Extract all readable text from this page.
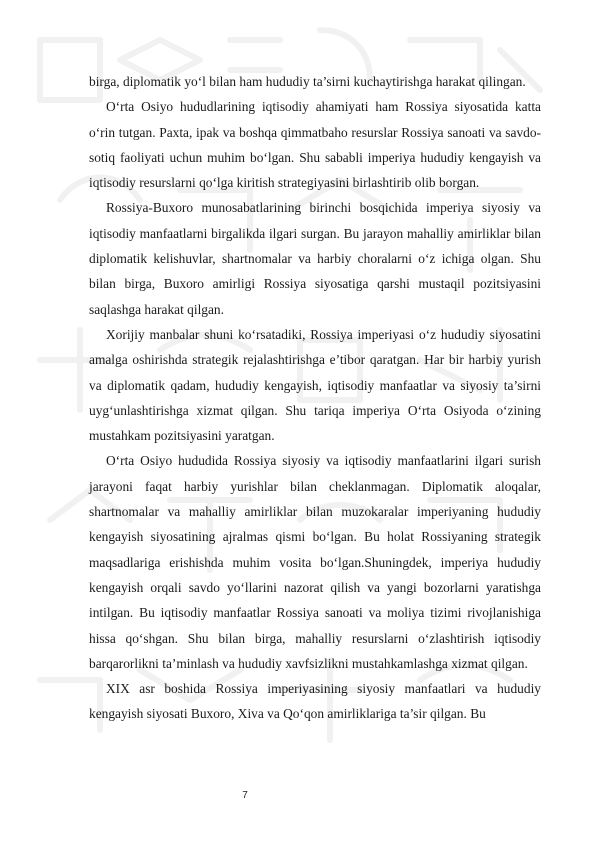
birga, diplomatik yo‘l bilan ham hududiy ta’sirni kuchaytirishga harakat qilingan.

O‘rta Osiyo hududlarining iqtisodiy ahamiyati ham Rossiya siyosatida katta o‘rin tutgan. Paxta, ipak va boshqa qimmatbaho resurslar Rossiya sanoati va savdo-sotiq faoliyati uchun muhim bo‘lgan. Shu sababli imperiya hududiy kengayish va iqtisodiy resurslarni qo‘lga kiritish strategiyasini birlashtirib olib borgan.

Rossiya-Buxoro munosabatlarining birinchi bosqichida imperiya siyosiy va iqtisodiy manfaatlarni birgalikda ilgari surgan. Bu jarayon mahalliy amirliklar bilan diplomatik kelishuvlar, shartnomalar va harbiy choralarni o‘z ichiga olgan. Shu bilan birga, Buxoro amirligi Rossiya siyosatiga qarshi mustaqil pozitsiyasini saqlashga harakat qilgan.

Xorijiy manbalar shuni ko‘rsatadiki, Rossiya imperiyasi o‘z hududiy siyosatini amalga oshirishda strategik rejalashtirishga e’tibor qaratgan. Har bir harbiy yurish va diplomatik qadam, hududiy kengayish, iqtisodiy manfaatlar va siyosiy ta’sirni uyg‘unlashtirishga xizmat qilgan. Shu tariqa imperiya O‘rta Osiyoda o‘zining mustahkam pozitsiyasini yaratgan.

O‘rta Osiyo hududida Rossiya siyosiy va iqtisodiy manfaatlarini ilgari surish jarayoni faqat harbiy yurishlar bilan cheklanmagan. Diplomatik aloqalar, shartnomalar va mahalliy amirliklar bilan muzokaralar imperiyaning hududiy kengayish siyosatining ajralmas qismi bo‘lgan. Bu holat Rossiyaning strategik maqsadlariga erishishda muhim vosita bo‘lgan.Shuningdek, imperiya hududiy kengayish orqali savdo yo‘llarini nazorat qilish va yangi bozorlarni yaratishga intilgan. Bu iqtisodiy manfaatlar Rossiya sanoati va moliya tizimi rivojlanishiga hissa qo‘shgan. Shu bilan birga, mahalliy resurslarni o‘zlashtirish iqtisodiy barqarorlikni ta’minlash va hududiy xavfsizlikni mustahkamlashga xizmat qilgan.

XIX asr boshida Rossiya imperiyasining siyosiy manfaatlari va hududiy kengayish siyosati Buxoro, Xiva va Qo‘qon amirliklariga ta’sir qilgan. Bu

7
